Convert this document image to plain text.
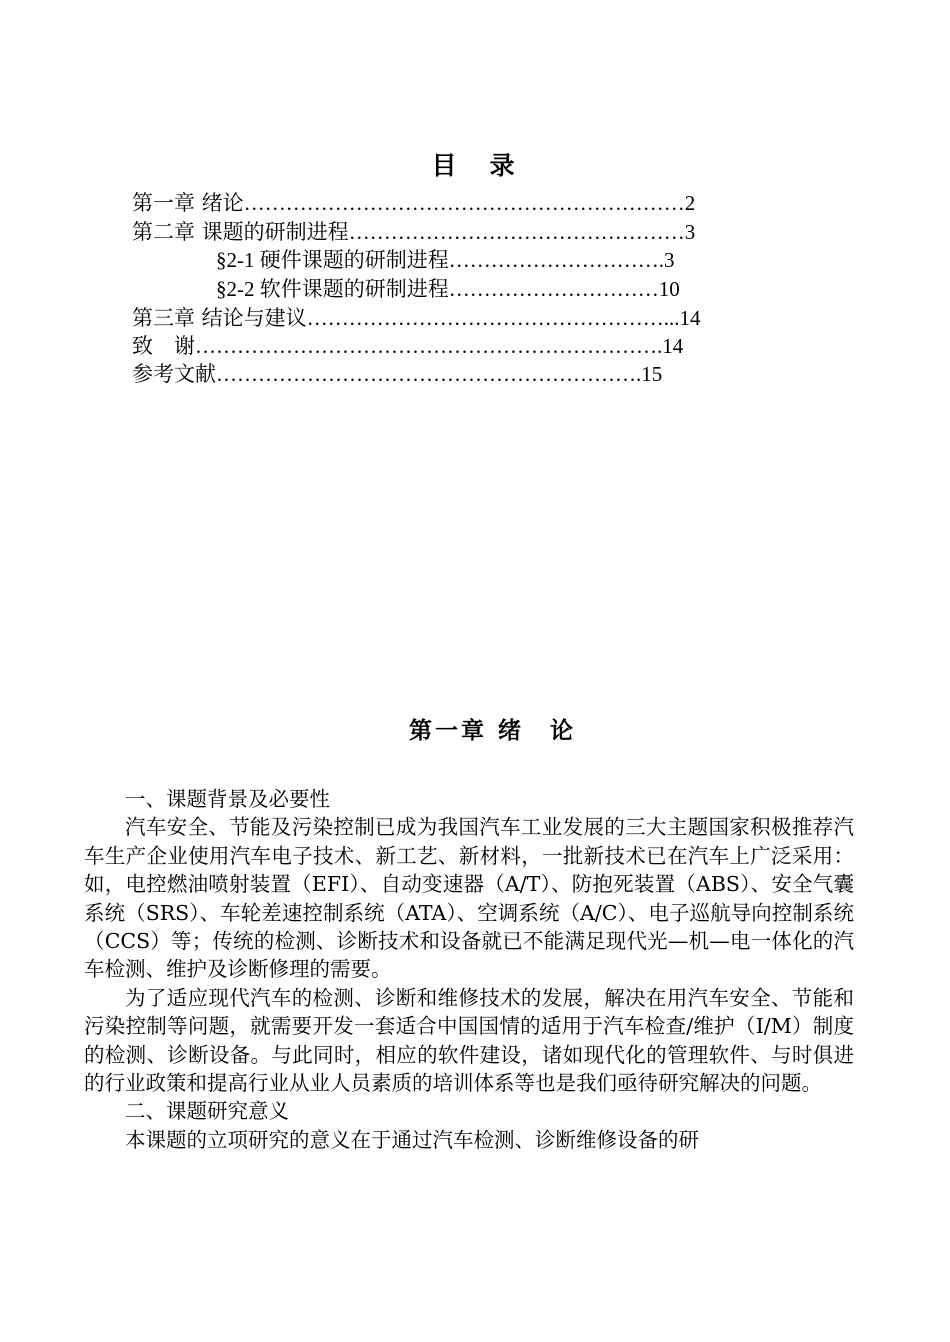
目　录
第一章 绪论………………………………………………………2
第二章 课题的研制进程…………………………………………3
§2-1 硬件课题的研制进程………………………….3
§2-2 软件课题的研制进程…………………………10
第三章 结论与建议……………………………………………...14
致　谢………………………………………………………….14
参考文献…………………………………………………….15
第一章 绪　论

一、课题背景及必要性

汽车安全、节能及污染控制已成为我国汽车工业发展的三大主题国家积极推荐汽车生产企业使用汽车电子技术、新工艺、新材料，一批新技术已在汽车上广泛采用：如，电控燃油喷射装置（EFI）、自动变速器（A/T）、防抱死装置（ABS）、安全气囊系统（SRS）、车轮差速控制系统（ATA）、空调系统（A/C）、电子巡航导向控制系统（CCS）等；传统的检测、诊断技术和设备就已不能满足现代光—机—电一体化的汽车检测、维护及诊断修理的需要。

为了适应现代汽车的检测、诊断和维修技术的发展，解决在用汽车安全、节能和污染控制等问题，就需要开发一套适合中国国情的适用于汽车检查/维护（I/M）制度的检测、诊断设备。与此同时，相应的软件建设，诸如现代化的管理软件、与时俱进的行业政策和提高行业从业人员素质的培训体系等也是我们亟待研究解决的问题。

二、课题研究意义

本课题的立项研究的意义在于通过汽车检测、诊断维修设备的研
